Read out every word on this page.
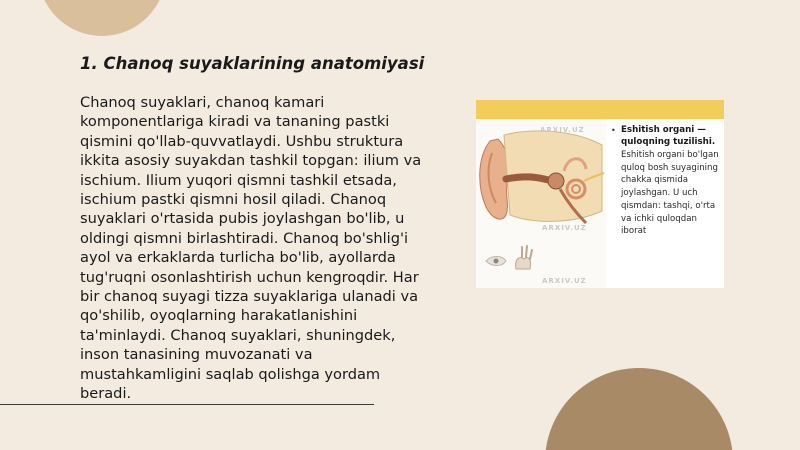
1. Chanoq suyaklarining anatomiyasi
Chanoq suyaklari, chanoq kamari komponentlariga kiradi va tananing pastki qismini qo'llab-quvvatlaydi. Ushbu struktura ikkita asosiy suyakdan tashkil topgan: ilium va ischium. Ilium yuqori qismni tashkil etsada, ischium pastki qismni hosil qiladi. Chanoq suyaklari o'rtasida pubis joylashgan bo'lib, u oldingi qismni birlashtiradi. Chanoq bo'shlig'i ayol va erkaklarda turlicha bo'lib, ayollarda tug'ruqni osonlashtirish uchun kengroqdir. Har bir chanoq suyagi tizza suyaklariga ulanadi va qo'shilib, oyoqlarning harakatlanishini ta'minlaydi. Chanoq suyaklari, shuningdek, inson tanasining muvozanati va mustahkamligini saqlab qolishga yordam beradi.
ARXIV.UZ
ARXIV.UZ
ARXIV.UZ
• Eshitish organi — quloqning tuzilishi.
Eshitish organi bo'lgan quloq bosh suyagining chakka qismida joylashgan. U uch qismdan: tashqi, o'rta va ichki quloqdan iborat
